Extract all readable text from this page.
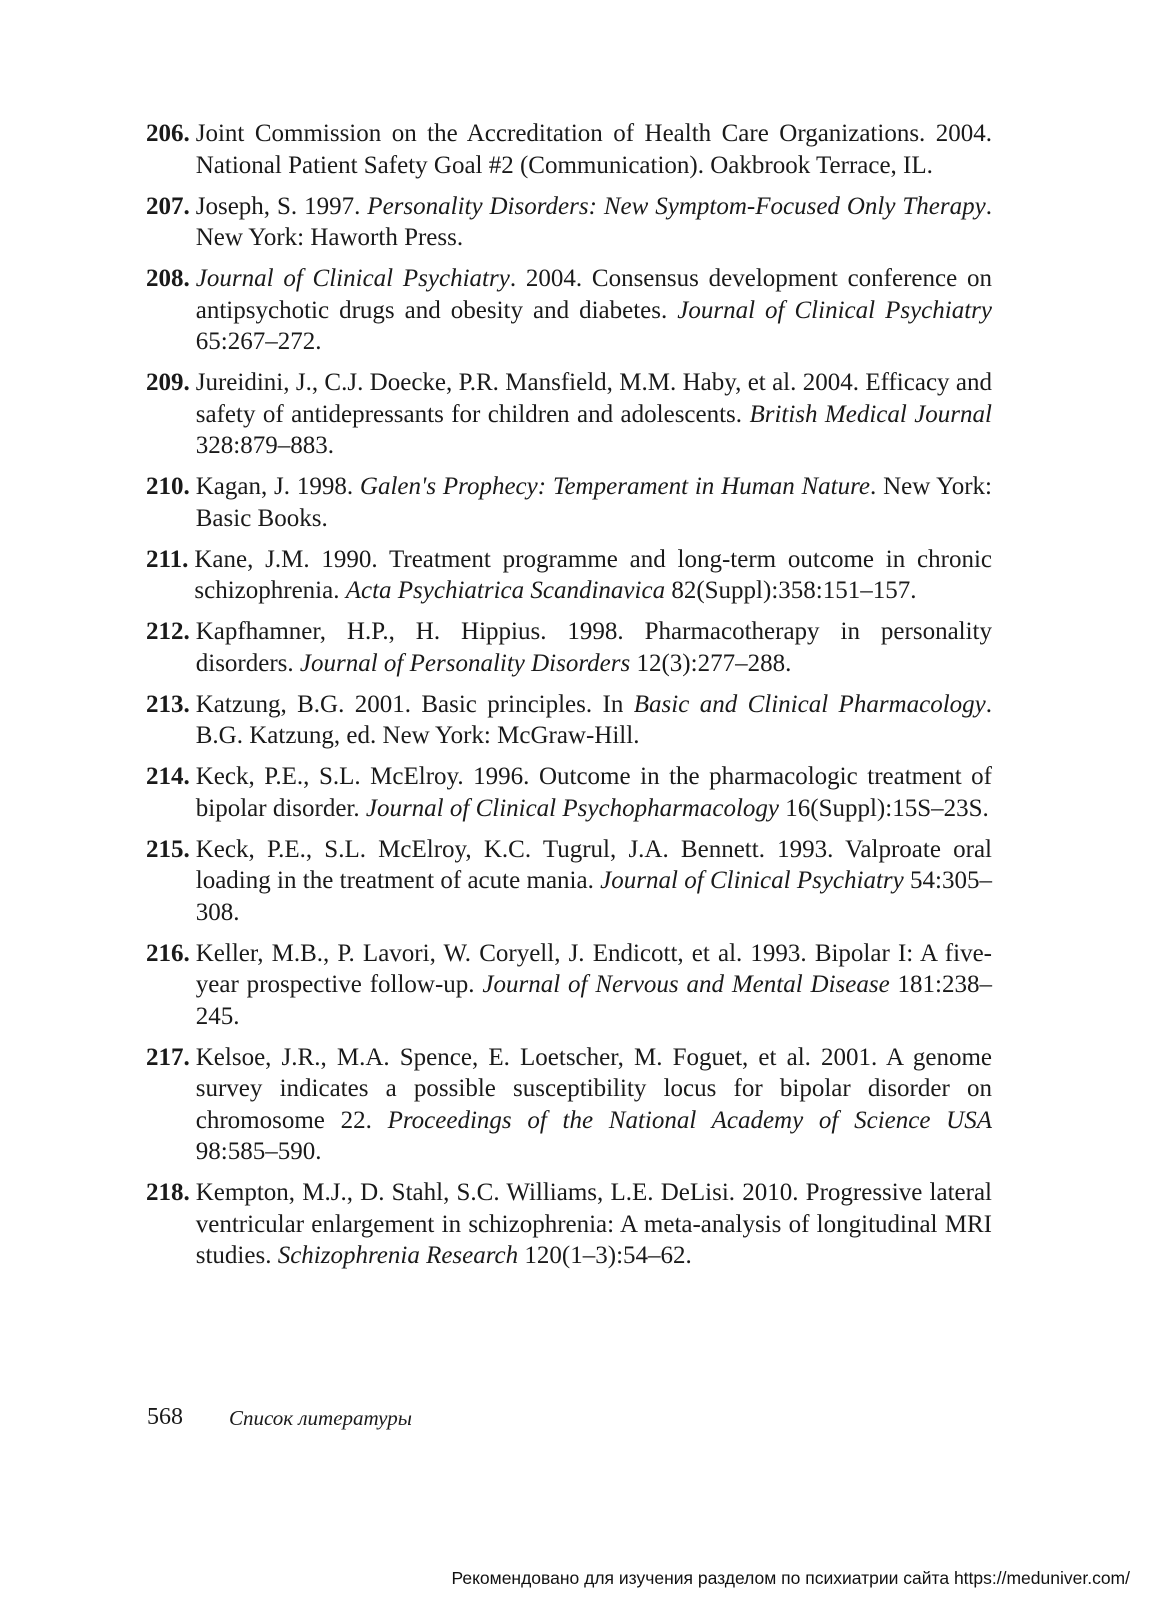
206. Joint Commission on the Accreditation of Health Care Organizations. 2004. National Patient Safety Goal #2 (Communication). Oakbrook Terrace, IL.
207. Joseph, S. 1997. Personality Disorders: New Symptom-Focused Only Therapy. New York: Haworth Press.
208. Journal of Clinical Psychiatry. 2004. Consensus development conference on antipsychotic drugs and obesity and diabetes. Journal of Clinical Psychiatry 65:267–272.
209. Jureidini, J., C.J. Doecke, P.R. Mansfield, M.M. Haby, et al. 2004. Efficacy and safety of antidepressants for children and adolescents. British Medical Journal 328:879–883.
210. Kagan, J. 1998. Galen's Prophecy: Temperament in Human Nature. New York: Basic Books.
211. Kane, J.M. 1990. Treatment programme and long-term outcome in chronic schizophrenia. Acta Psychiatrica Scandinavica 82(Suppl):358:151–157.
212. Kapfhamner, H.P., H. Hippius. 1998. Pharmacotherapy in personality disorders. Journal of Personality Disorders 12(3):277–288.
213. Katzung, B.G. 2001. Basic principles. In Basic and Clinical Pharmacology. B.G. Katzung, ed. New York: McGraw-Hill.
214. Keck, P.E., S.L. McElroy. 1996. Outcome in the pharmacologic treatment of bipolar disorder. Journal of Clinical Psychopharmacology 16(Suppl):15S–23S.
215. Keck, P.E., S.L. McElroy, K.C. Tugrul, J.A. Bennett. 1993. Valproate oral loading in the treatment of acute mania. Journal of Clinical Psychiatry 54:305–308.
216. Keller, M.B., P. Lavori, W. Coryell, J. Endicott, et al. 1993. Bipolar I: A five-year prospective follow-up. Journal of Nervous and Mental Disease 181:238–245.
217. Kelsoe, J.R., M.A. Spence, E. Loetscher, M. Foguet, et al. 2001. A genome survey indicates a possible susceptibility locus for bipolar disorder on chromosome 22. Proceedings of the National Academy of Science USA 98:585–590.
218. Kempton, M.J., D. Stahl, S.C. Williams, L.E. DeLisi. 2010. Progressive lateral ventricular enlargement in schizophrenia: A meta-analysis of longitudinal MRI studies. Schizophrenia Research 120(1–3):54–62.
568 Список литературы
Рекомендовано для изучения разделом по психиатрии сайта https://meduniver.com/
